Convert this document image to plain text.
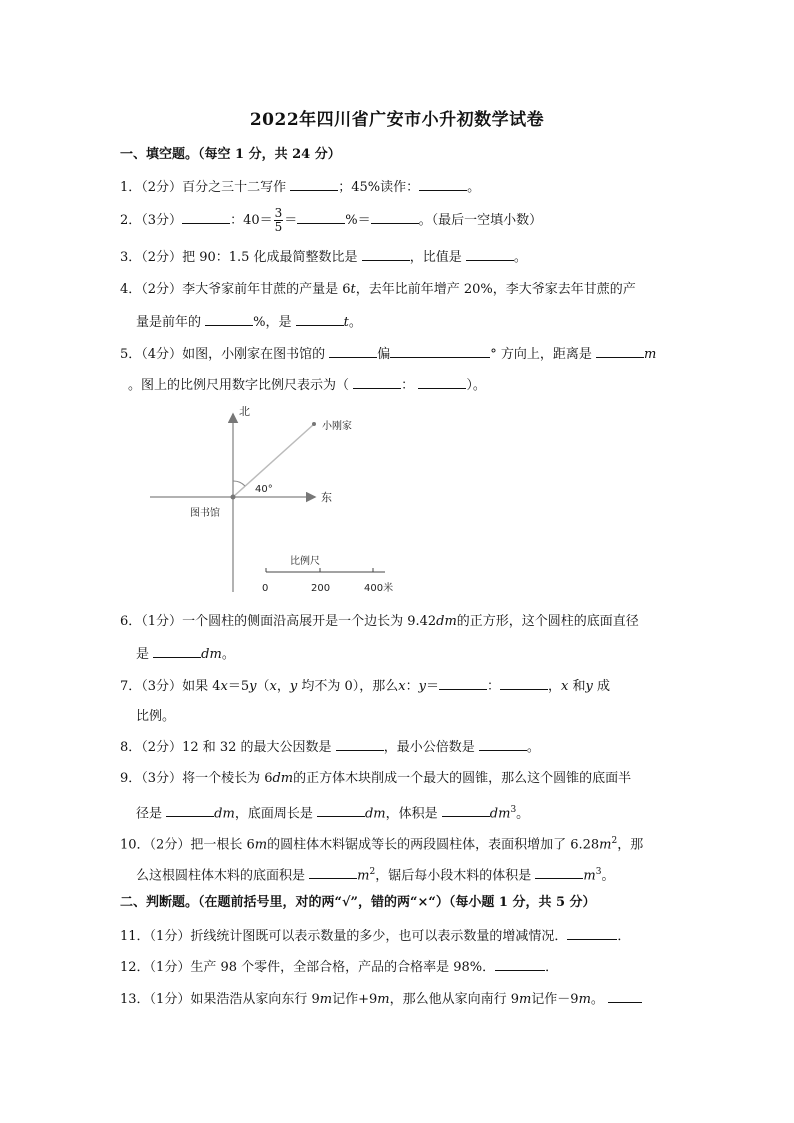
2022年四川省广安市小升初数学试卷
一、填空题。（每空 1 分，共 24 分）
1．（2分）百分之三十二写作	；45%读作：	。
2．（3分）	：$40= \frac{3}{5}$ ＝	%＝	。（最后一空填小数）
3．（2分）把 90：1.5 化成最简整数比是	，比值是	。
4．（2分）李大爷家前年甘蔗的产量是 6t，去年比前年增产 20%，李大爷家去年甘蔗的产
量是前年的	%，是	t。
5．（4分）如图，小刚家在图书馆的	偏	° 方向上，距离是	m
。图上的比例尺用数字比例尺表示为（	：	）。
北
东
图书馆
小刚家
40°
比例尺
0	200	400米
6．（1分）一个圆柱的侧面沿高展开是一个边长为 9.42dm的正方形，这个圆柱的底面直径
是	dm。
7．（3分）如果 4x＝5y（x，y 均不为 0），那么x：y＝	：	，x 和y 成
比例。
8．（2分）12 和 32 的最大公因数是	，最小公倍数是	。
9．（3分）将一个棱长为 6dm的正方体木块削成一个最大的圆锥，那么这个圆锥的底面半
径是	dm，底面周长是	dm，体积是	$dm^3$。
10．（2分）把一根长 6m的圆柱体木料锯成等长的两段圆柱体，表面积增加了 $6.28m^2$，那
么这根圆柱体木料的底面积是	$m^2$，锯后每小段木料的体积是	$m^3$。
二、判断题。（在题前括号里，对的两“√”，错的两“×“）（每小题 1 分，共 5 分）
11．（1分）折线统计图既可以表示数量的多少，也可以表示数量的增减情况．	．
12．（1分）生产 98 个零件，全部合格，产品的合格率是 98%．	．
13．（1分）如果浩浩从家向东行 9m记作+9m，那么他从家向南行 9m记作－9m。
